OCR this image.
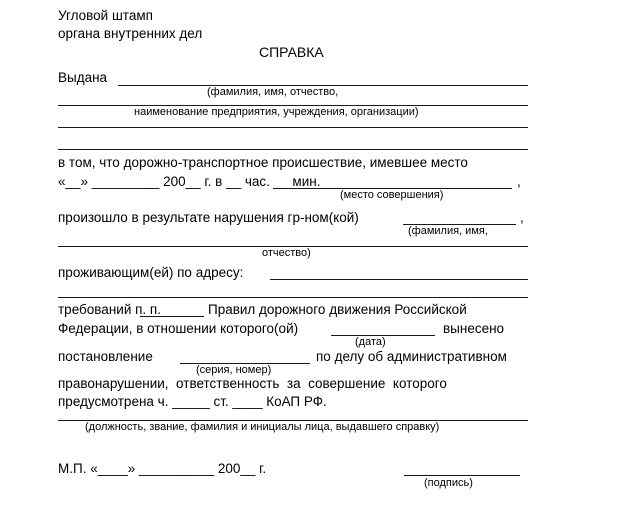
Угловой штамп
органа внутренних дел
СПРАВКА
Выдана
(фамилия, имя, отчество,
наименование предприятия, учреждения, организации)
в том, что дорожно-транспортное происшествие, имевшее место
«__» _________ 200__ г. в __ час. __ мин.	,
(место совершения)
произошло в результате нарушения гр-ном(кой)	,
(фамилия, имя,
отчество)
проживающим(ей) по адресу:
требований п. п.	Правил дорожного движения Российской
Федерации, в отношении которого(ой)	вынесено
(дата)
постановление	по делу об административном
(серия, номер)
правонарушении,  ответственность  за  совершение  которого
предусмотрена ч. _____ ст. ____ КоАП РФ.
(должность, звание, фамилия и инициалы лица, выдавшего справку)
М.П. «____» __________ 200__ г.
(подпись)
